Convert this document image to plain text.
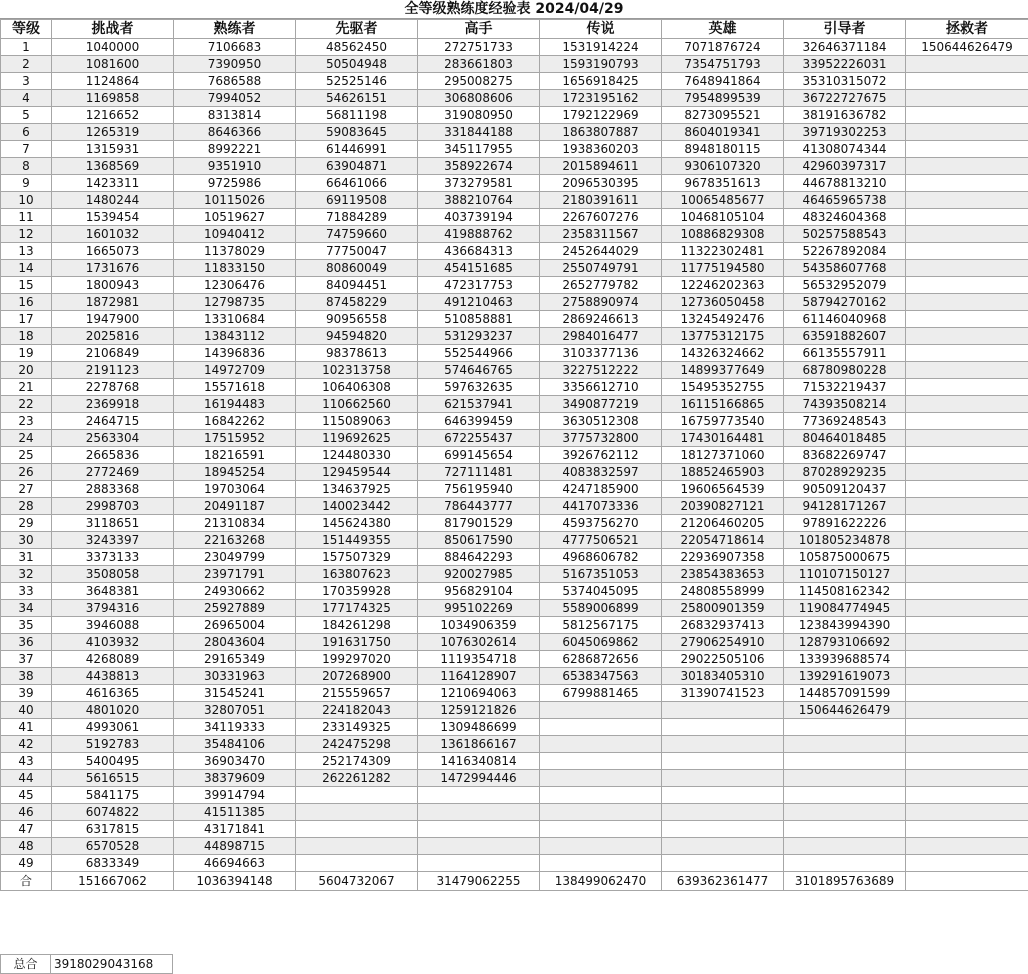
全等级熟练度经验表 2024/04/29
等级	挑战者	熟练者	先驱者	高手	传说	英雄	引导者	拯救者
1	1040000	7106683	48562450	272751733	1531914224	7071876724	32646371184	150644626479
2	1081600	7390950	50504948	283661803	1593190793	7354751793	33952226031	
3	1124864	7686588	52525146	295008275	1656918425	7648941864	35310315072	
4	1169858	7994052	54626151	306808606	1723195162	7954899539	36722727675	
5	1216652	8313814	56811198	319080950	1792122969	8273095521	38191636782	
6	1265319	8646366	59083645	331844188	1863807887	8604019341	39719302253	
7	1315931	8992221	61446991	345117955	1938360203	8948180115	41308074344	
8	1368569	9351910	63904871	358922674	2015894611	9306107320	42960397317	
9	1423311	9725986	66461066	373279581	2096530395	9678351613	44678813210	
10	1480244	10115026	69119508	388210764	2180391611	10065485677	46465965738	
11	1539454	10519627	71884289	403739194	2267607276	10468105104	48324604368	
12	1601032	10940412	74759660	419888762	2358311567	10886829308	50257588543	
13	1665073	11378029	77750047	436684313	2452644029	11322302481	52267892084	
14	1731676	11833150	80860049	454151685	2550749791	11775194580	54358607768	
15	1800943	12306476	84094451	472317753	2652779782	12246202363	56532952079	
16	1872981	12798735	87458229	491210463	2758890974	12736050458	58794270162	
17	1947900	13310684	90956558	510858881	2869246613	13245492476	61146040968	
18	2025816	13843112	94594820	531293237	2984016477	13775312175	63591882607	
19	2106849	14396836	98378613	552544966	3103377136	14326324662	66135557911	
20	2191123	14972709	102313758	574646765	3227512222	14899377649	68780980228	
21	2278768	15571618	106406308	597632635	3356612710	15495352755	71532219437	
22	2369918	16194483	110662560	621537941	3490877219	16115166865	74393508214	
23	2464715	16842262	115089063	646399459	3630512308	16759773540	77369248543	
24	2563304	17515952	119692625	672255437	3775732800	17430164481	80464018485	
25	2665836	18216591	124480330	699145654	3926762112	18127371060	83682269747	
26	2772469	18945254	129459544	727111481	4083832597	18852465903	87028929235	
27	2883368	19703064	134637925	756195940	4247185900	19606564539	90509120437	
28	2998703	20491187	140023442	786443777	4417073336	20390827121	94128171267	
29	3118651	21310834	145624380	817901529	4593756270	21206460205	97891622226	
30	3243397	22163268	151449355	850617590	4777506521	22054718614	101805234878	
31	3373133	23049799	157507329	884642293	4968606782	22936907358	105875000675	
32	3508058	23971791	163807623	920027985	5167351053	23854383653	110107150127	
33	3648381	24930662	170359928	956829104	5374045095	24808558999	114508162342	
34	3794316	25927889	177174325	995102269	5589006899	25800901359	119084774945	
35	3946088	26965004	184261298	1034906359	5812567175	26832937413	123843994390	
36	4103932	28043604	191631750	1076302614	6045069862	27906254910	128793106692	
37	4268089	29165349	199297020	1119354718	6286872656	29022505106	133939688574	
38	4438813	30331963	207268900	1164128907	6538347563	30183405310	139291619073	
39	4616365	31545241	215559657	1210694063	6799881465	31390741523	144857091599	
40	4801020	32807051	224182043	1259121826			150644626479	
41	4993061	34119333	233149325	1309486699				
42	5192783	35484106	242475298	1361866167				
43	5400495	36903470	252174309	1416340814				
44	5616515	38379609	262261282	1472994446				
45	5841175	39914794						
46	6074822	41511385						
47	6317815	43171841						
48	6570528	44898715						
49	6833349	46694663						
合	151667062	1036394148	5604732067	31479062255	138499062470	639362361477	3101895763689	
总合	3918029043168
